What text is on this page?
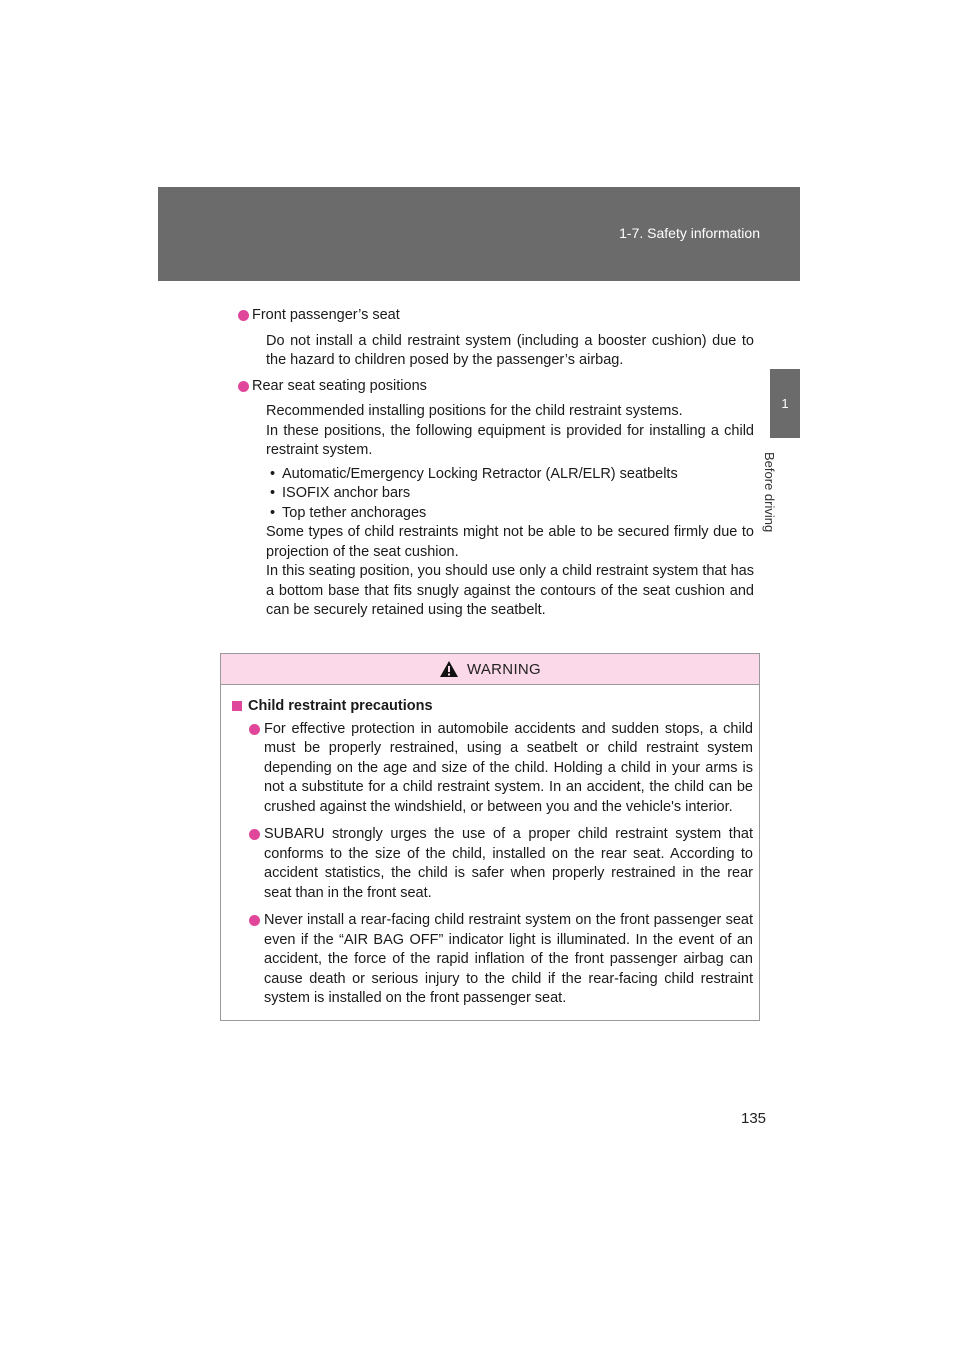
1-7. Safety information
1
Before driving
Front passenger’s seat

Do not install a child restraint system (including a booster cushion) due to the hazard to children posed by the passenger’s airbag.

Rear seat seating positions
Recommended installing positions for the child restraint systems.
In these positions, the following equipment is provided for installing a child restraint system.
• Automatic/Emergency Locking Retractor (ALR/ELR) seatbelts
• ISOFIX anchor bars
• Top tether anchorages
Some types of child restraints might not be able to be secured firmly due to projection of the seat cushion.
In this seating position, you should use only a child restraint system that has a bottom base that fits snugly against the contours of the seat cushion and can be securely retained using the seatbelt.
WARNING
Child restraint precautions
For effective protection in automobile accidents and sudden stops, a child must be properly restrained, using a seatbelt or child restraint system depending on the age and size of the child. Holding a child in your arms is not a substitute for a child restraint system. In an accident, the child can be crushed against the windshield, or between you and the vehicle's interior.
SUBARU strongly urges the use of a proper child restraint system that conforms to the size of the child, installed on the rear seat. According to accident statistics, the child is safer when properly restrained in the rear seat than in the front seat.
Never install a rear-facing child restraint system on the front passenger seat even if the “AIR BAG OFF” indicator light is illuminated. In the event of an accident, the force of the rapid inflation of the front passenger airbag can cause death or serious injury to the child if the rear-facing child restraint system is installed on the front passenger seat.
135
